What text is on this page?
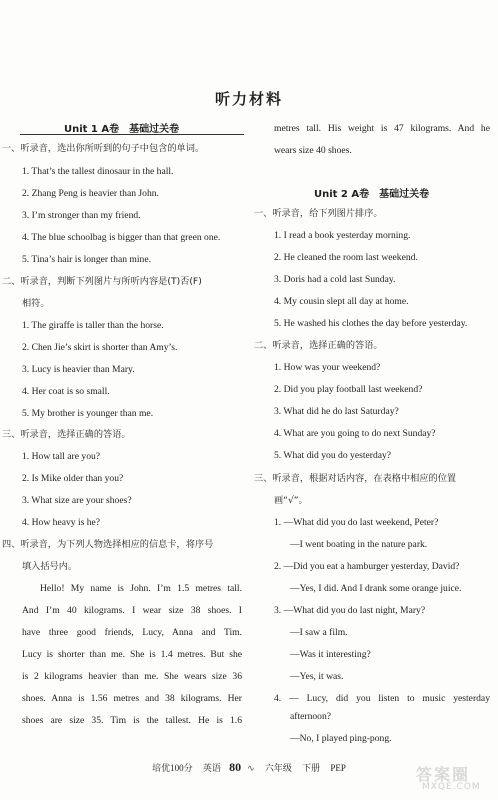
听力材料
Unit 1 A卷　基础过关卷
一、听录音，选出你所听到的句子中包含的单词。
1. That’s the tallest dinosaur in the hall.
2. Zhang Peng is heavier than John.
3. I’m stronger than my friend.
4. The blue schoolbag is bigger than that green one.
5. Tina’s hair is longer than mine.
二、听录音，判断下列图片与所听内容是(T)否(F)
相符。
1. The giraffe is taller than the horse.
2. Chen Jie’s skirt is shorter than Amy’s.
3. Lucy is heavier than Mary.
4. Her coat is so small.
5. My brother is younger than me.
三、听录音，选择正确的答语。
1. How tall are you?
2. Is Mike older than you?
3. What size are your shoes?
4. How heavy is he?
四、听录音，为下列人物选择相应的信息卡，将序号
填入括号内。
Hello! My name is John. I’m 1.5 metres tall.
And I’m 40 kilograms. I wear size 38 shoes. I
have three good friends, Lucy, Anna and Tim.
Lucy is shorter than me. She is 1.4 metres. But she
is 2 kilograms heavier than me. She wears size 36
shoes. Anna is 1.56 metres and 38 kilograms. Her
shoes are size 35. Tim is the tallest. He is 1.6
metres tall. His weight is 47 kilograms. And he
wears size 40 shoes.
Unit 2 A卷　基础过关卷
一、听录音，给下列图片排序。
1. I read a book yesterday morning.
2. He cleaned the room last weekend.
3. Doris had a cold last Sunday.
4. My cousin slept all day at home.
5. He washed his clothes the day before yesterday.
二、听录音，选择正确的答语。
1. How was your weekend?
2. Did you play football last weekend?
3. What did he do last Saturday?
4. What are you going to do next Sunday?
5. What did you do yesterday?
三、听录音，根据对话内容，在表格中相应的位置
画“√”。
1. —What did you do last weekend, Peter?
—I went boating in the nature park.
2. —Did you eat a hamburger yesterday, David?
—Yes, I did. And I drank some orange juice.
3. —What did you do last night, Mary?
—I saw a film.
—Was it interesting?
—Yes, it was.
4. — Lucy, did you listen to music yesterday
afternoon?
—No, I played ping-pong.
培优100分 英语 80 ∿ 六年级 下册 PEP	答案圈
MXQE.COM
